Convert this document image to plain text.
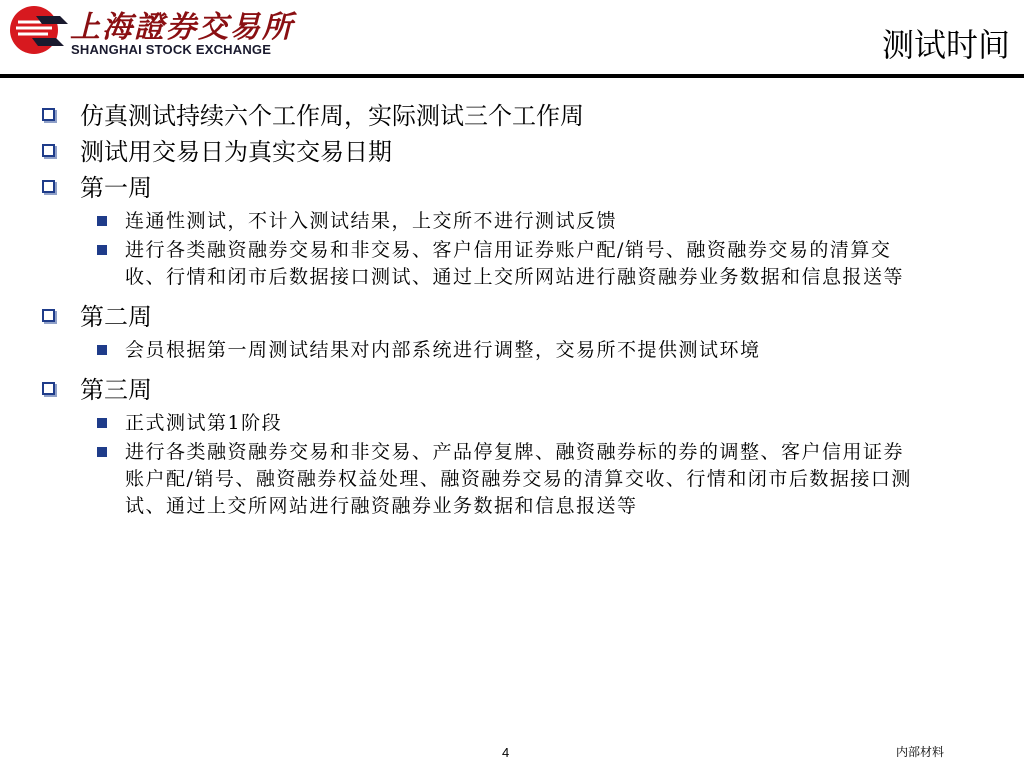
上海證券交易所
SHANGHAI STOCK EXCHANGE	测试时间
仿真测试持续六个工作周，实际测试三个工作周
测试用交易日为真实交易日期
第一周
连通性测试，不计入测试结果，上交所不进行测试反馈
进行各类融资融券交易和非交易、客户信用证券账户配/销号、融资融券交易的清算交收、行情和闭市后数据接口测试、通过上交所网站进行融资融券业务数据和信息报送等
第二周
会员根据第一周测试结果对内部系统进行调整，交易所不提供测试环境
第三周
正式测试第1阶段
进行各类融资融券交易和非交易、产品停复牌、融资融券标的券的调整、客户信用证券账户配/销号、融资融券权益处理、融资融券交易的清算交收、行情和闭市后数据接口测试、通过上交所网站进行融资融券业务数据和信息报送等
4	内部材料
